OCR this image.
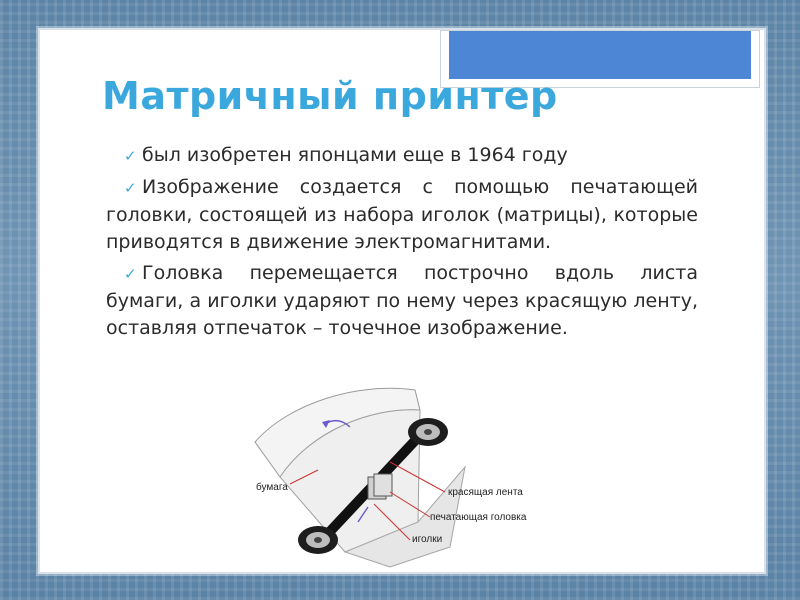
Матричный принтер

✓ был изобретен японцами еще в 1964 году

✓ Изображение создается с помощью печатающей головки, состоящей из набора иголок (матрицы), которые приводятся в движение электромагнитами.

✓ Головка перемещается построчно вдоль листа бумаги, а иголки ударяют по нему через красящую ленту, оставляя отпечаток – точечное изображение.

бумага	красящая лента
печатающая головка
иголки
